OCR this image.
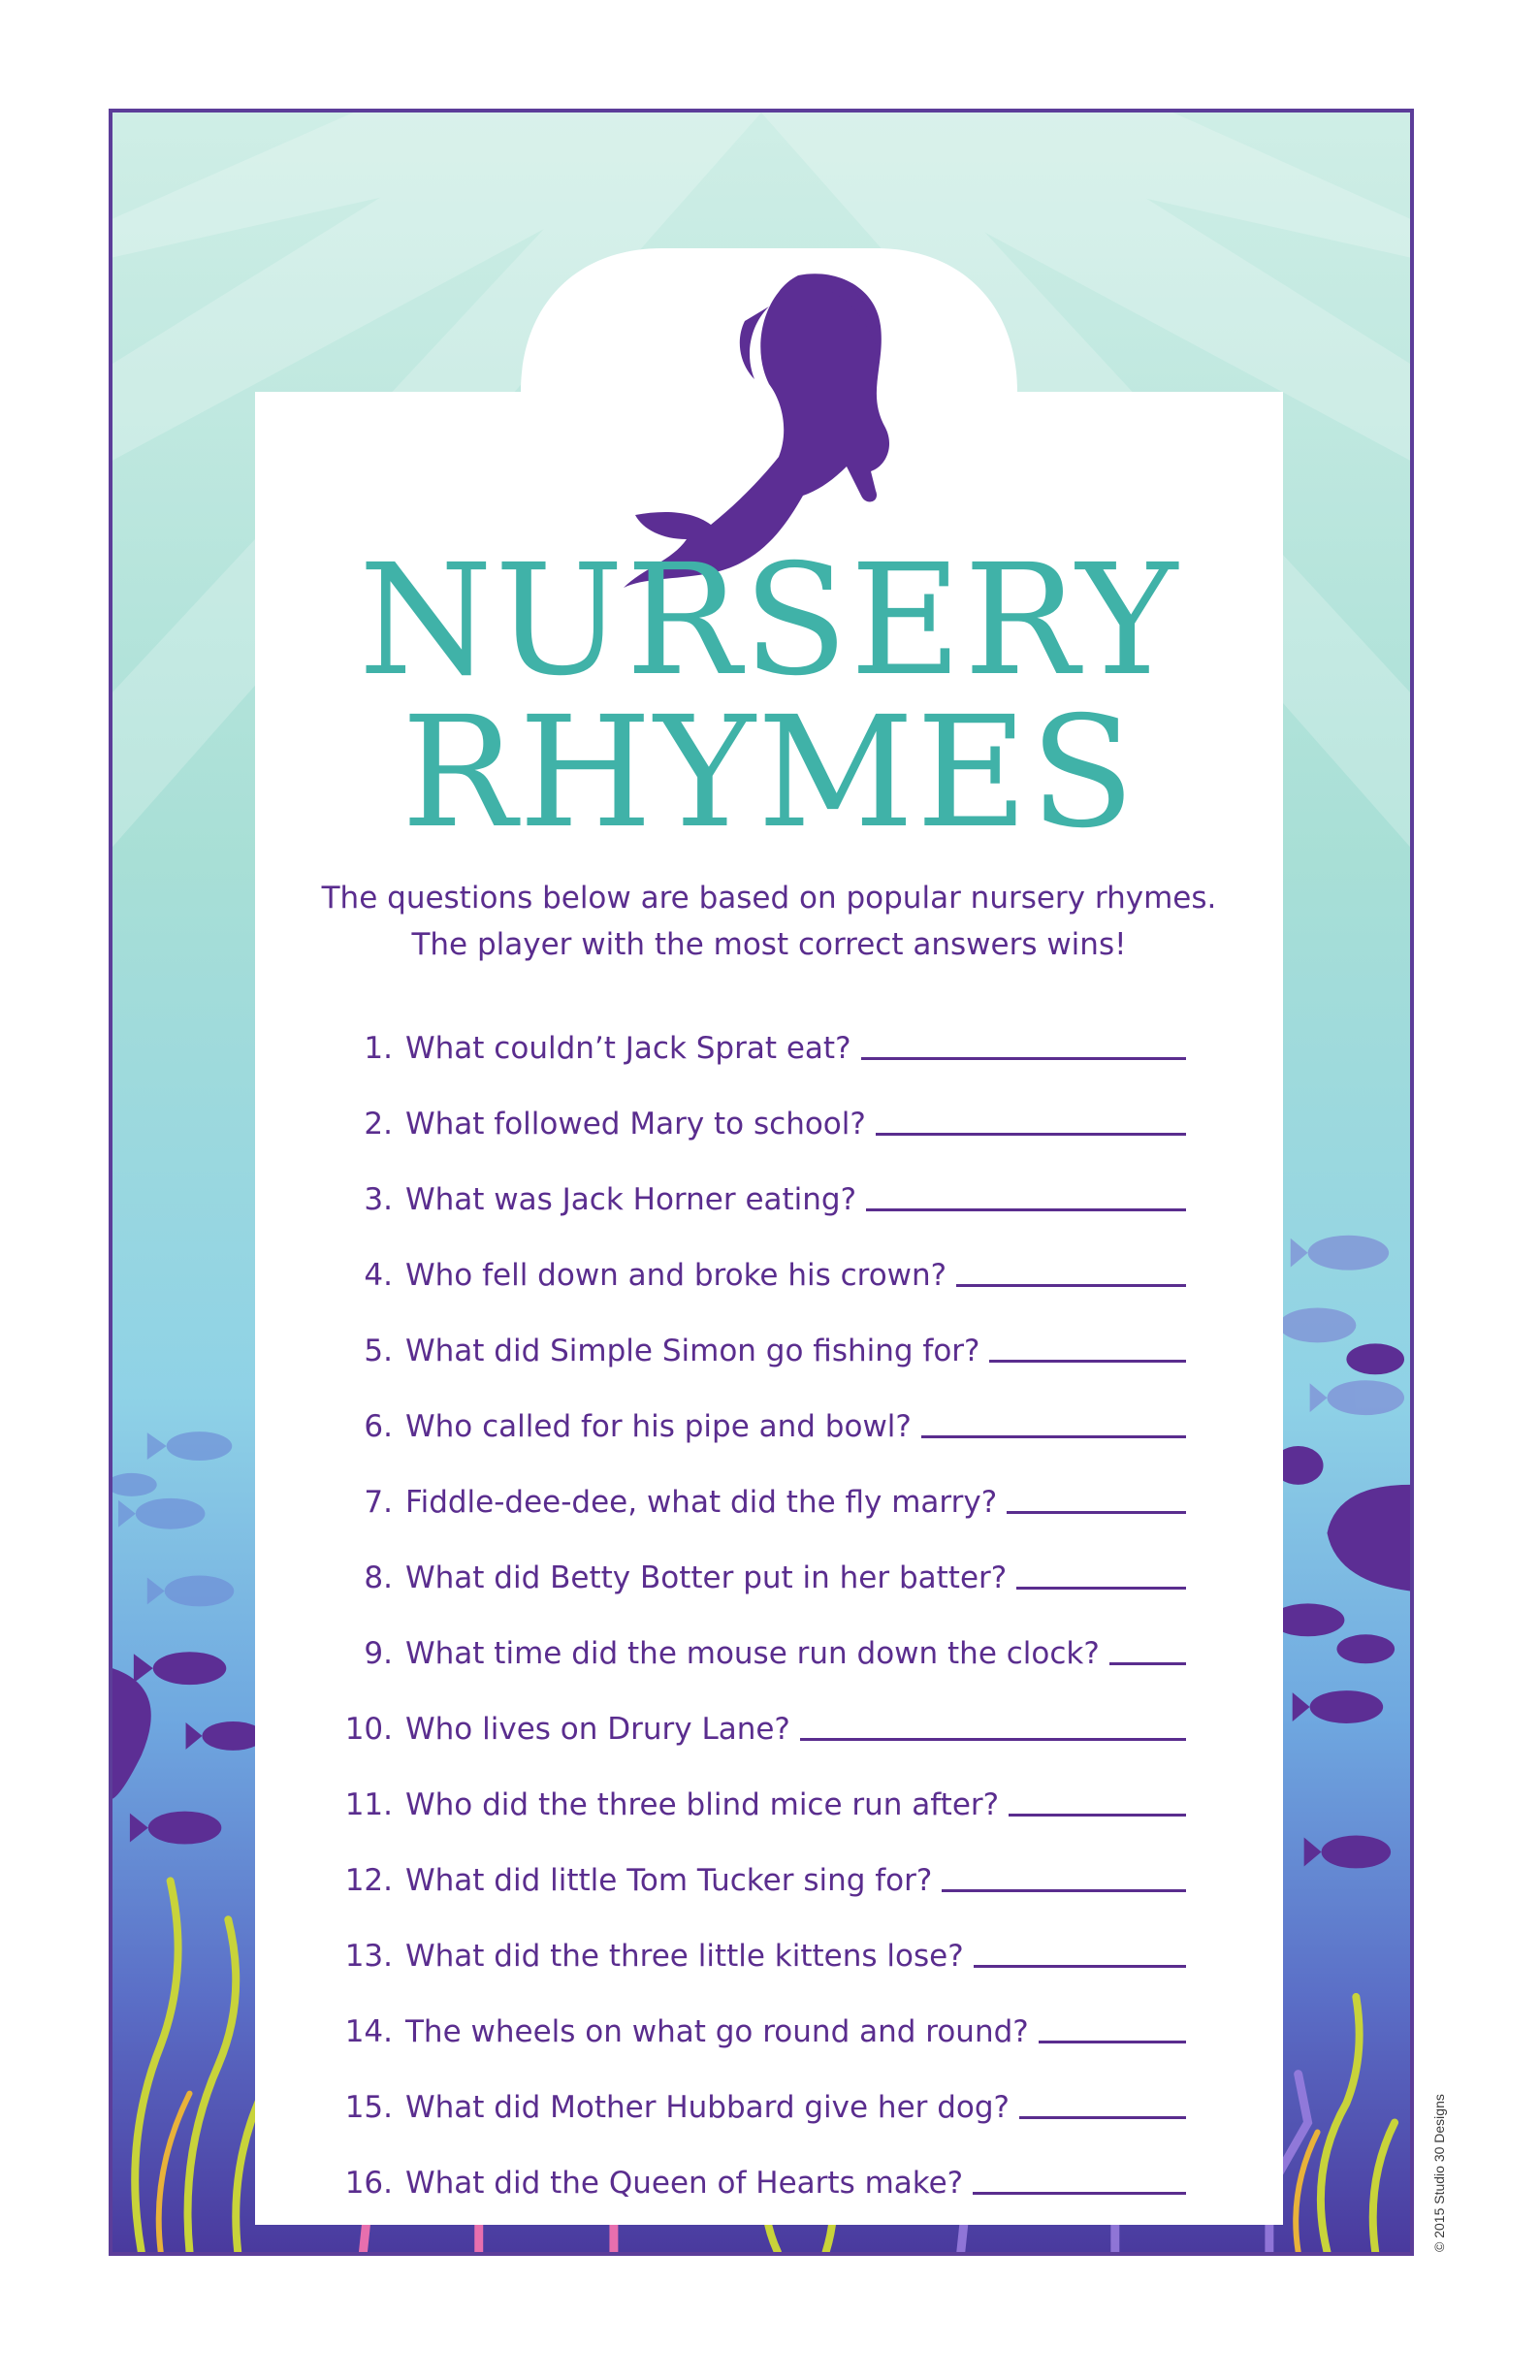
NURSERY
RHYMES
The questions below are based on popular nursery rhymes. The player with the most correct answers wins!
1. What couldn’t Jack Sprat eat?
2. What followed Mary to school?
3. What was Jack Horner eating?
4. Who fell down and broke his crown?
5. What did Simple Simon go fishing for?
6. Who called for his pipe and bowl?
7. Fiddle-dee-dee, what did the fly marry?
8. What did Betty Botter put in her batter?
9. What time did the mouse run down the clock?
10. Who lives on Drury Lane?
11. Who did the three blind mice run after?
12. What did little Tom Tucker sing for?
13. What did the three little kittens lose?
14. The wheels on what go round and round?
15. What did Mother Hubbard give her dog?
16. What did the Queen of Hearts make?	© 2015 Studio 30 Designs
